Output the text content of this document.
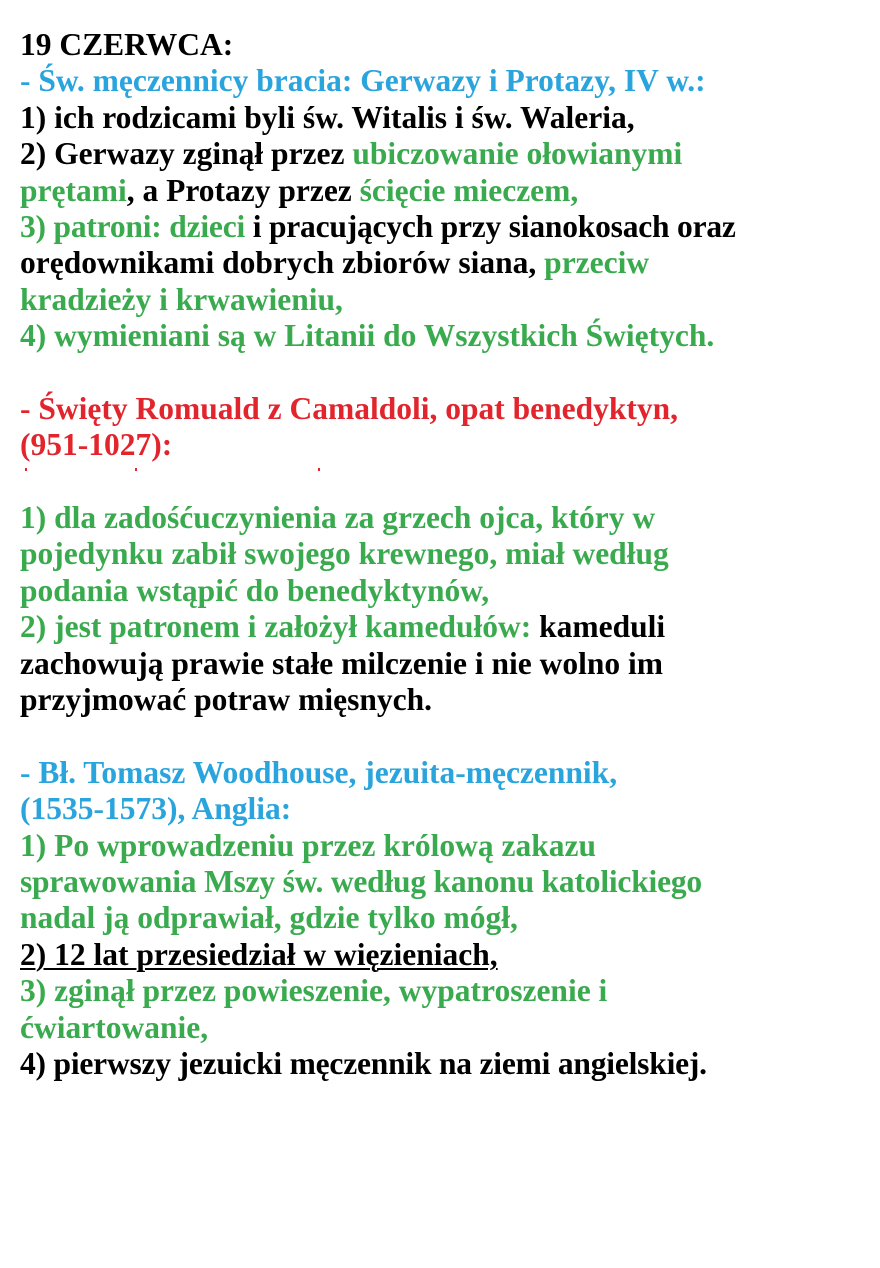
19 CZERWCA:
- Św. męczennicy bracia: Gerwazy i Protazy, IV w.:
1) ich rodzicami byli św. Witalis i św. Waleria,
2) Gerwazy zginął przez ubiczowanie ołowianymi
prętami, a Protazy przez ścięcie mieczem,
3) patroni: dzieci i pracujących przy sianokosach oraz
orędownikami dobrych zbiorów siana, przeciw
kradzieży i krwawieniu,
4) wymieniani są w Litanii do Wszystkich Świętych.
- Święty Romuald z Camaldoli, opat benedyktyn,
(951-1027):
1) dla zadośćuczynienia za grzech ojca, który w
pojedynku zabił swojego krewnego, miał według
podania wstąpić do benedyktynów,
2) jest patronem i założył kamedułów: kameduli
zachowują prawie stałe milczenie i nie wolno im
przyjmować potraw mięsnych.
- Bł. Tomasz Woodhouse, jezuita-męczennik,
(1535-1573), Anglia:
1) Po wprowadzeniu przez królową zakazu
sprawowania Mszy św. według kanonu katolickiego
nadal ją odprawiał, gdzie tylko mógł,
2) 12 lat przesiedział w więzieniach,
3) zginął przez powieszenie, wypatroszenie i
ćwiartowanie,
4) pierwszy jezuicki męczennik na ziemi angielskiej.
